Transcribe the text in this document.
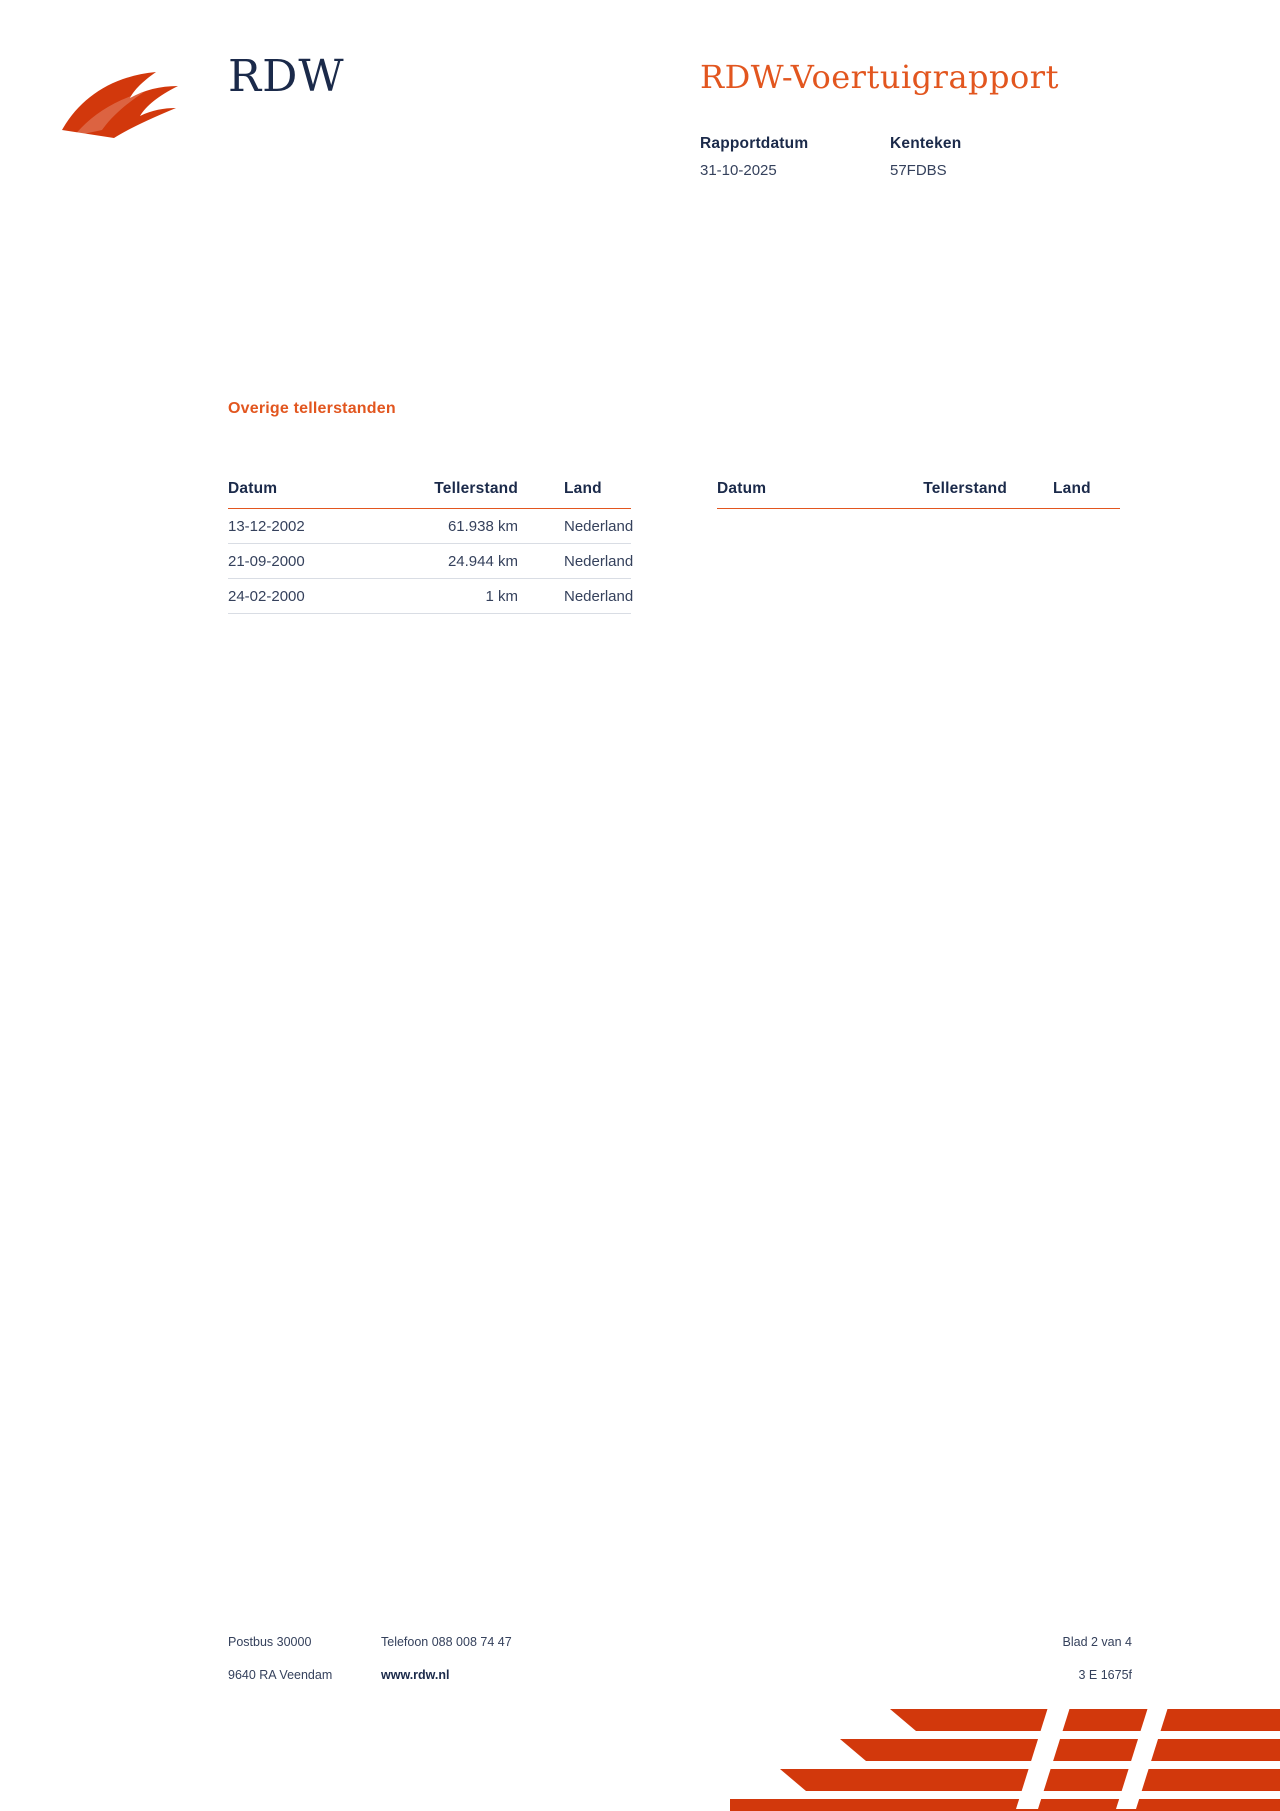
RDW	RDW-Voertuigrapport
Rapportdatum
31-10-2025
Kenteken
57FDBS
Overige tellerstanden
Datum	Tellerstand	Land
13-12-2002	61.938 km	Nederland
21-09-2000	24.944 km	Nederland
24-02-2000	1 km	Nederland
Datum	Tellerstand	Land
Postbus 30000	Telefoon 088 008 74 47	Blad 2 van 4
9640 RA Veendam	www.rdw.nl	3 E 1675f
